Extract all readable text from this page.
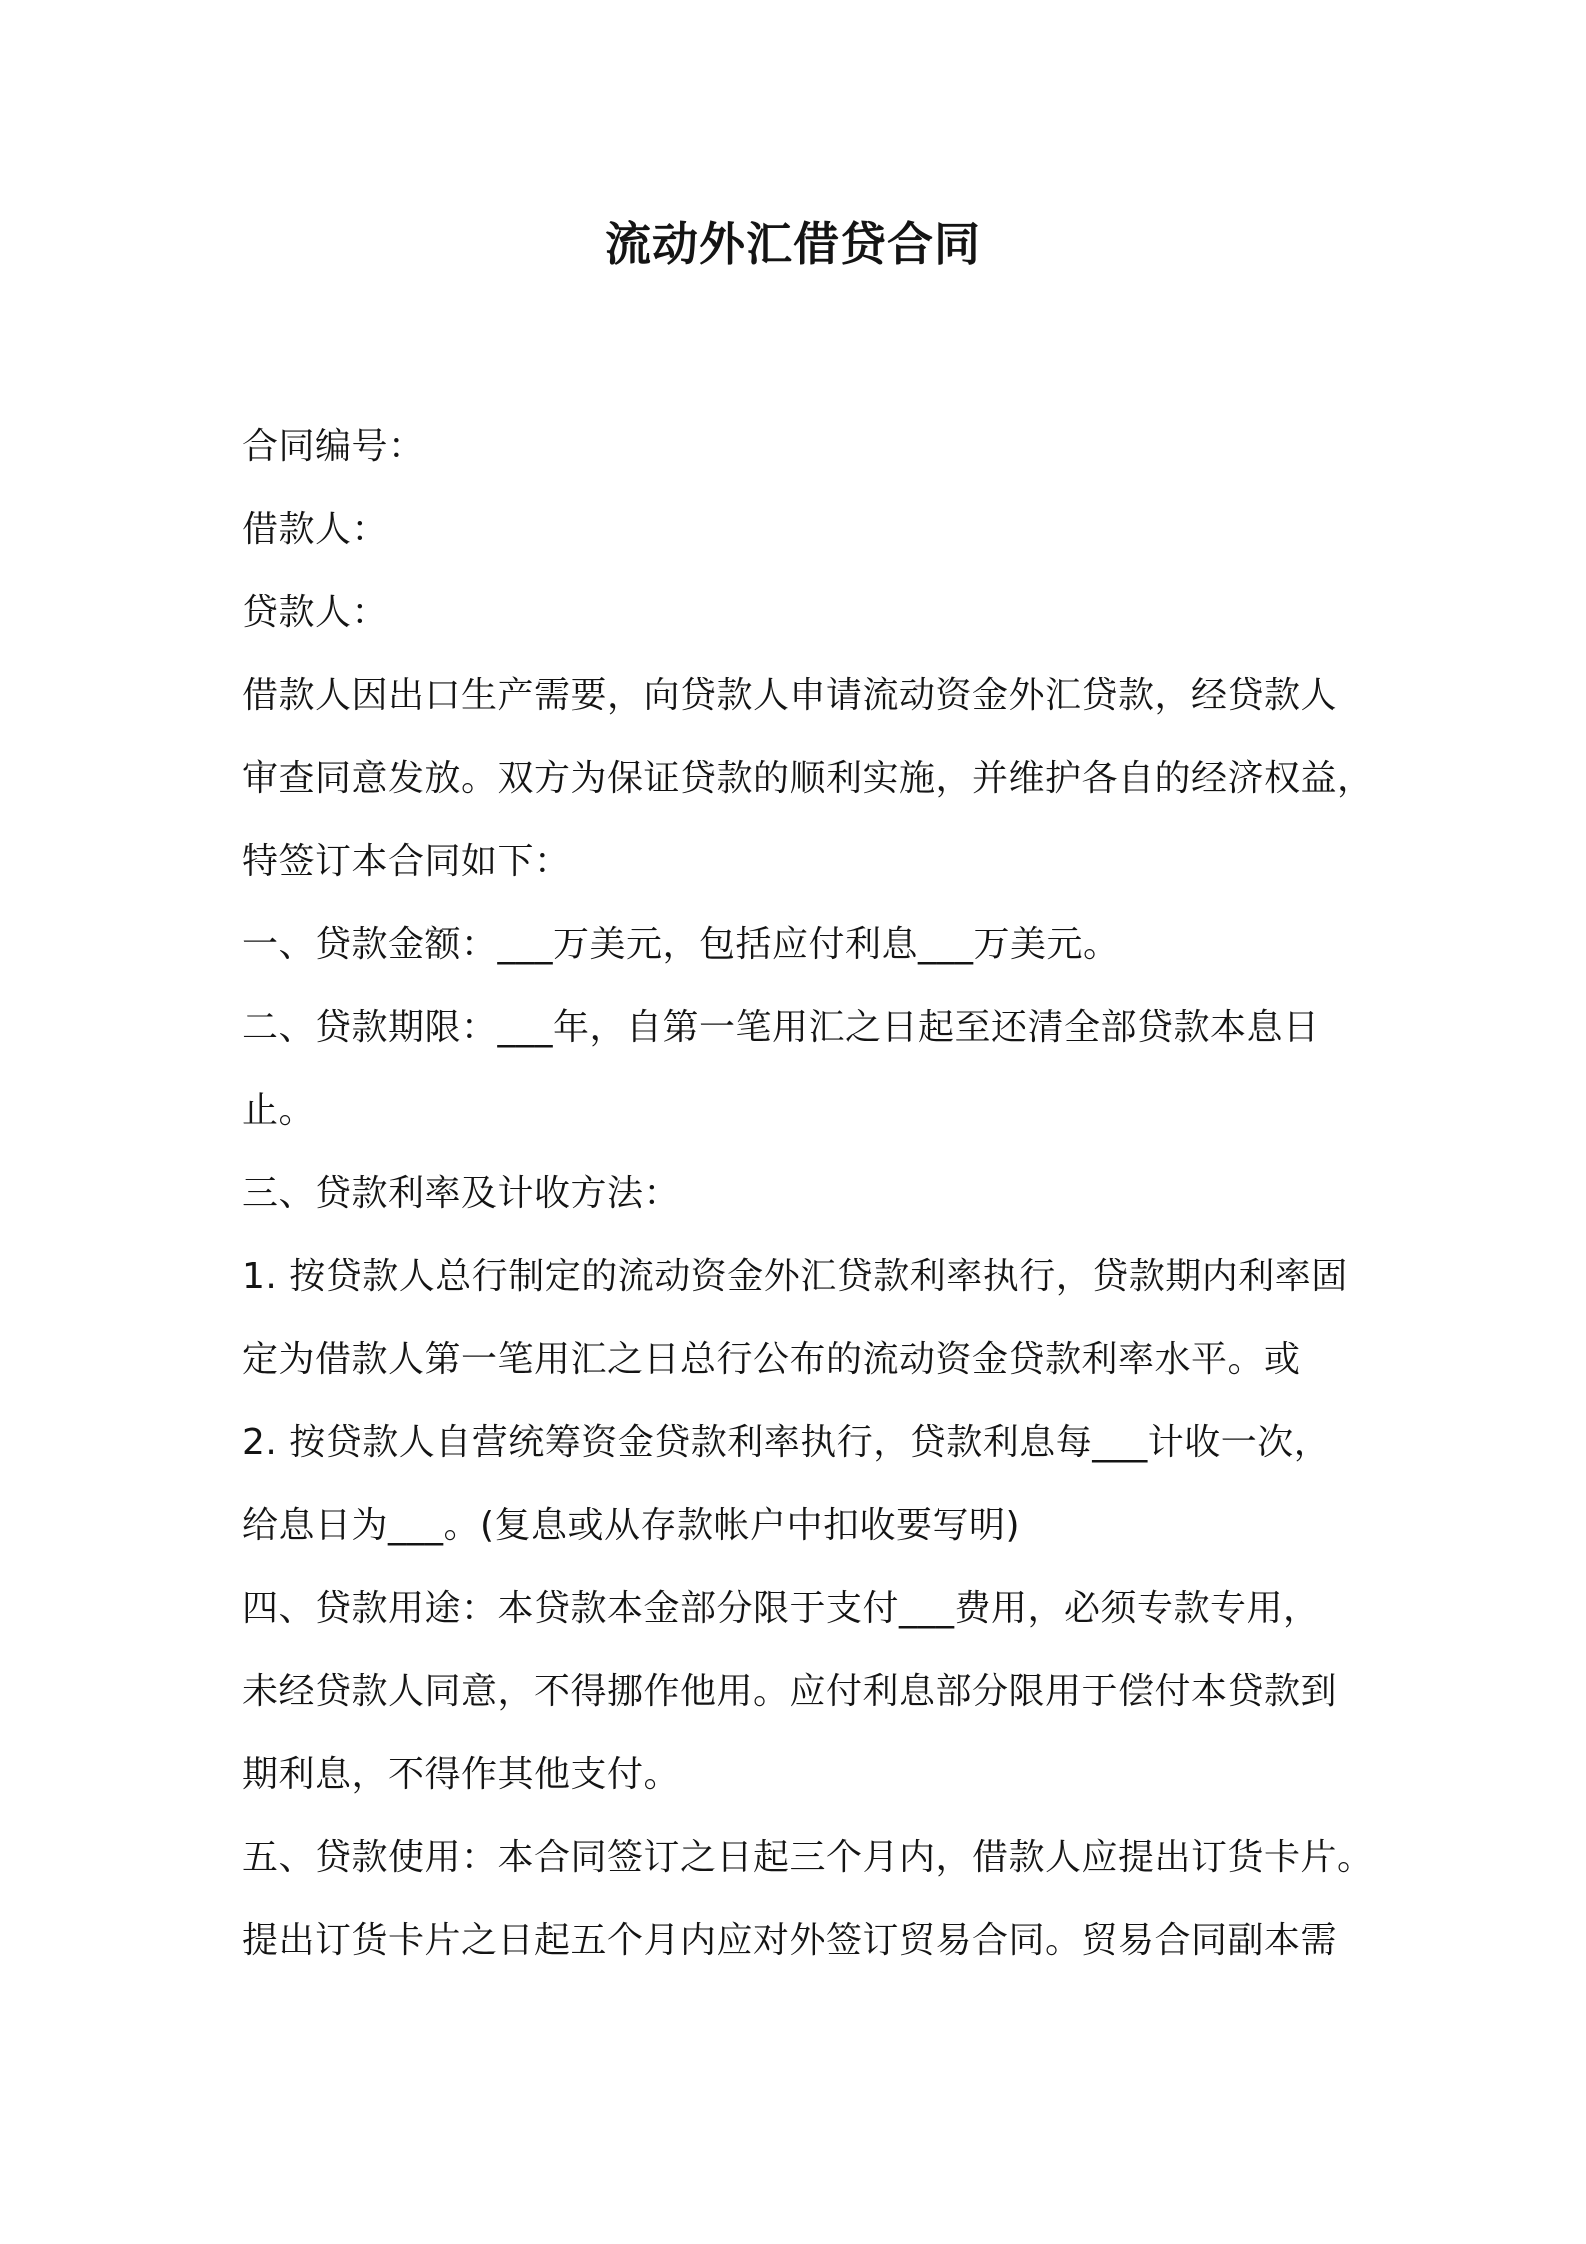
流动外汇借贷合同
合同编号：
借款人：
贷款人：
借款人因出口生产需要，向贷款人申请流动资金外汇贷款，经贷款人
审查同意发放。双方为保证贷款的顺利实施，并维护各自的经济权益，
特签订本合同如下：
一、贷款金额：___万美元，包括应付利息___万美元。
二、贷款期限：___年，自第一笔用汇之日起至还清全部贷款本息日
止。
三、贷款利率及计收方法：
1. 按贷款人总行制定的流动资金外汇贷款利率执行，贷款期内利率固
定为借款人第一笔用汇之日总行公布的流动资金贷款利率水平。或
2. 按贷款人自营统筹资金贷款利率执行，贷款利息每___计收一次，
给息日为___。(复息或从存款帐户中扣收要写明)
四、贷款用途：本贷款本金部分限于支付___费用，必须专款专用，
未经贷款人同意，不得挪作他用。应付利息部分限用于偿付本贷款到
期利息，不得作其他支付。
五、贷款使用：本合同签订之日起三个月内，借款人应提出订货卡片。
提出订货卡片之日起五个月内应对外签订贸易合同。贸易合同副本需
